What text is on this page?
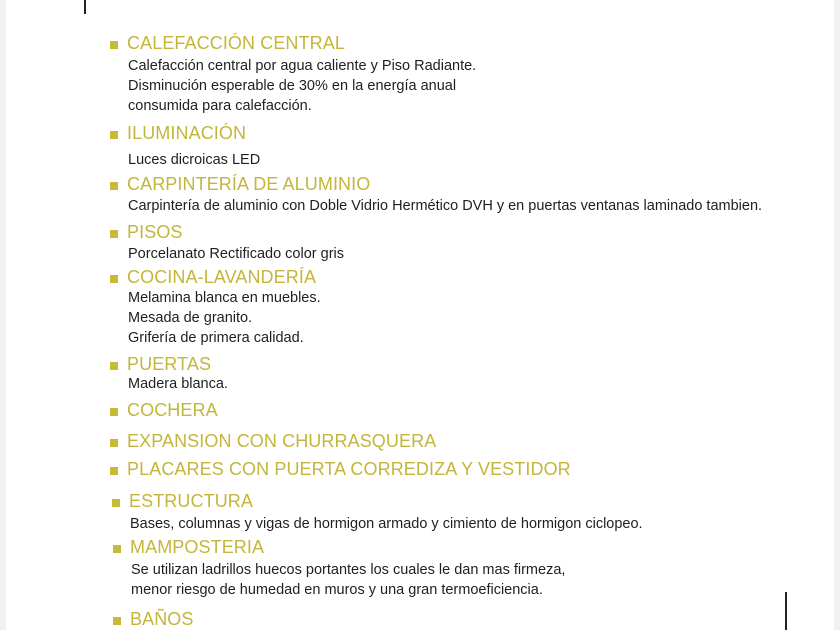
CALEFACCIÓN CENTRAL
Calefacción central por agua caliente y Piso Radiante.
Disminución esperable de 30% en la energía anual
consumida para calefacción.
ILUMINACIÓN
Luces dicroicas LED
CARPINTERÍA DE ALUMINIO
Carpintería de aluminio con Doble Vidrio Hermético DVH y en puertas ventanas laminado tambien.
PISOS
Porcelanato Rectificado color gris
COCINA-LAVANDERÍA
Melamina blanca en muebles.
Mesada de granito.
Grifería de primera calidad.
PUERTAS
Madera blanca.
COCHERA
EXPANSION CON CHURRASQUERA
PLACARES CON PUERTA CORREDIZA Y VESTIDOR
ESTRUCTURA
Bases, columnas y vigas de hormigon armado y cimiento de hormigon ciclopeo.
MAMPOSTERIA
Se utilizan ladrillos huecos portantes los cuales le dan mas firmeza,
menor riesgo de humedad en muros y una gran termoeficiencia.
BAÑOS
